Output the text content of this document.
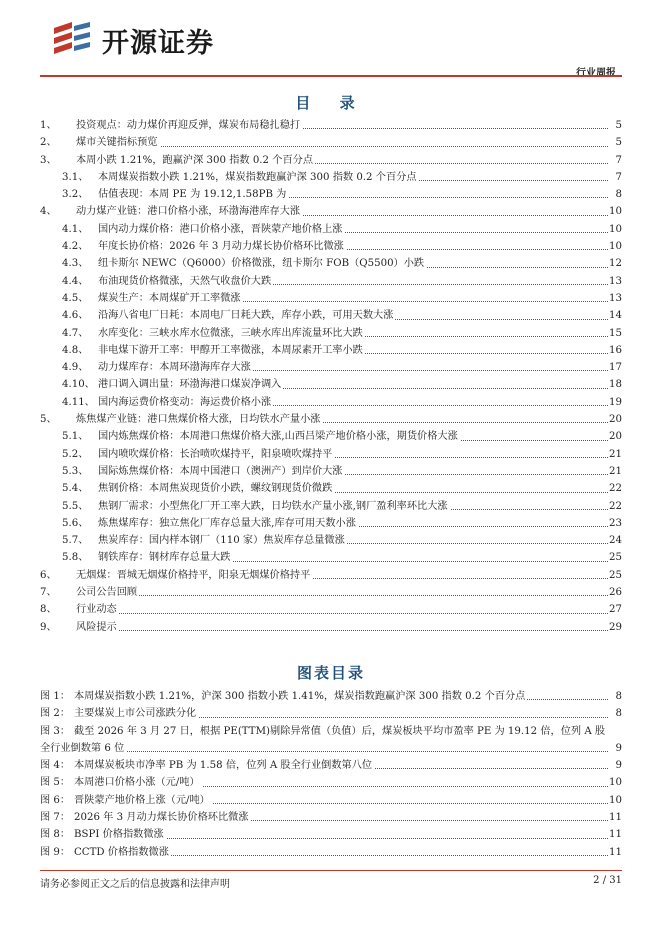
开源证券
行业周报
目 录
1、 投资观点：动力煤价再迎反弹，煤炭布局稳扎稳打	5
2、 煤市关键指标预览	5
3、 本周小跌 1.21%，跑赢沪深 300 指数 0.2 个百分点	7
3.1、 本周煤炭指数小跌 1.21%，煤炭指数跑赢沪深 300 指数 0.2 个百分点	7
3.2、 估值表现：本周 PE 为 19.12,1.58PB 为	8
4、 动力煤产业链：港口价格小涨，环渤海港库存大涨	10
4.1、 国内动力煤价格：港口价格小涨，晋陕蒙产地价格上涨	10
4.2、 年度长协价格：2026 年 3 月动力煤长协价格环比微涨	10
4.3、 纽卡斯尔 NEWC（Q6000）价格微涨，纽卡斯尔 FOB（Q5500）小跌	12
4.4、 布油现货价格微涨，天然气收盘价大跌	13
4.5、 煤炭生产：本周煤矿开工率微涨	13
4.6、 沿海八省电厂日耗：本周电厂日耗大跌，库存小跌，可用天数大涨	14
4.7、 水库变化：三峡水库水位微涨，三峡水库出库流量环比大跌	15
4.8、 非电煤下游开工率：甲醇开工率微涨，本周尿素开工率小跌	16
4.9、 动力煤库存：本周环渤海库存大涨	17
4.10、 港口调入调出量：环渤海港口煤炭净调入	18
4.11、 国内海运费价格变动：海运费价格小涨	19
5、 炼焦煤产业链：港口焦煤价格大涨，日均铁水产量小涨	20
5.1、 国内炼焦煤价格：本周港口焦煤价格大涨,山西吕梁产地价格小涨，期货价格大涨	20
5.2、 国内喷吹煤价格：长治喷吹煤持平，阳泉喷吹煤持平	21
5.3、 国际炼焦煤价格：本周中国港口（澳洲产）到岸价大涨	21
5.4、 焦钢价格：本周焦炭现货价小跌，螺纹钢现货价微跌	22
5.5、 焦钢厂需求：小型焦化厂开工率大跌，日均铁水产量小涨,钢厂盈利率环比大涨	22
5.6、 炼焦煤库存：独立焦化厂库存总量大涨,库存可用天数小涨	23
5.7、 焦炭库存：国内样本钢厂（110 家）焦炭库存总量微涨	24
5.8、 钢铁库存：钢材库存总量大跌	25
6、 无烟煤：晋城无烟煤价格持平，阳泉无烟煤价格持平	25
7、 公司公告回顾	26
8、 行业动态	27
9、 风险提示	29
图表目录
图 1： 本周煤炭指数小跌 1.21%，沪深 300 指数小跌 1.41%，煤炭指数跑赢沪深 300 指数 0.2 个百分点	8
图 2： 主要煤炭上市公司涨跌分化	8
图 3： 截至 2026 年 3 月 27 日，根据 PE(TTM)剔除异常值（负值）后，煤炭板块平均市盈率 PE 为 19.12 倍，位列 A 股
全行业倒数第 6 位	9
图 4： 本周煤炭板块市净率 PB 为 1.58 倍，位列 A 股全行业倒数第八位	9
图 5： 本周港口价格小涨（元/吨）	10
图 6： 晋陕蒙产地价格上涨（元/吨）	10
图 7： 2026 年 3 月动力煤长协价格环比微涨	11
图 8： BSPI 价格指数微涨	11
图 9： CCTD 价格指数微涨	11
请务必参阅正文之后的信息披露和法律声明	2 / 31
